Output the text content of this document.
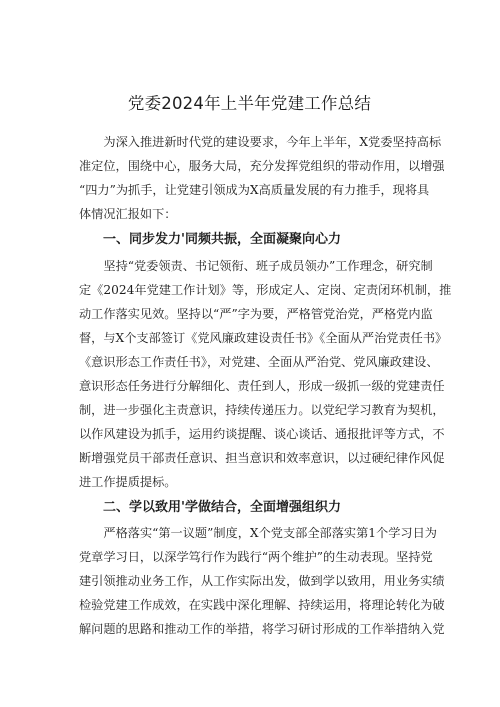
党委2024年上半年党建工作总结

为深入推进新时代党的建设要求，今年上半年，X党委坚持高标
准定位，围绕中心，服务大局，充分发挥党组织的带动作用，以增强
“四力”为抓手，让党建引领成为X高质量发展的有力推手，现将具
体情况汇报如下：

一、同步发力'同频共振，全面凝聚向心力

坚持“党委领责、书记领衔、班子成员领办”工作理念，研究制
定《2024年党建工作计划》等，形成定人、定岗、定责闭环机制，推
动工作落实见效。坚持以“严”字为要，严格管党治党，严格党内监
督，与X个支部签订《党风廉政建设责任书》《全面从严治党责任书》
《意识形态工作责任书》，对党建、全面从严治党、党风廉政建设、
意识形态任务进行分解细化、责任到人，形成一级抓一级的党建责任
制，进一步强化主责意识，持续传递压力。以党纪学习教育为契机，
以作风建设为抓手，运用约谈提醒、谈心谈话、通报批评等方式，不
断增强党员干部责任意识、担当意识和效率意识，以过硬纪律作风促
进工作提质提标。

二、学以致用'学做结合，全面增强组织力

严格落实“第一议题”制度，X个党支部全部落实第1个学习日为
党章学习日，以深学笃行作为践行“两个维护”的生动表现。坚持党
建引领推动业务工作，从工作实际出发，做到学以致用，用业务实绩
检验党建工作成效，在实践中深化理解、持续运用，将理论转化为破
解问题的思路和推动工作的举措，将学习研讨形成的工作举措纳入党
